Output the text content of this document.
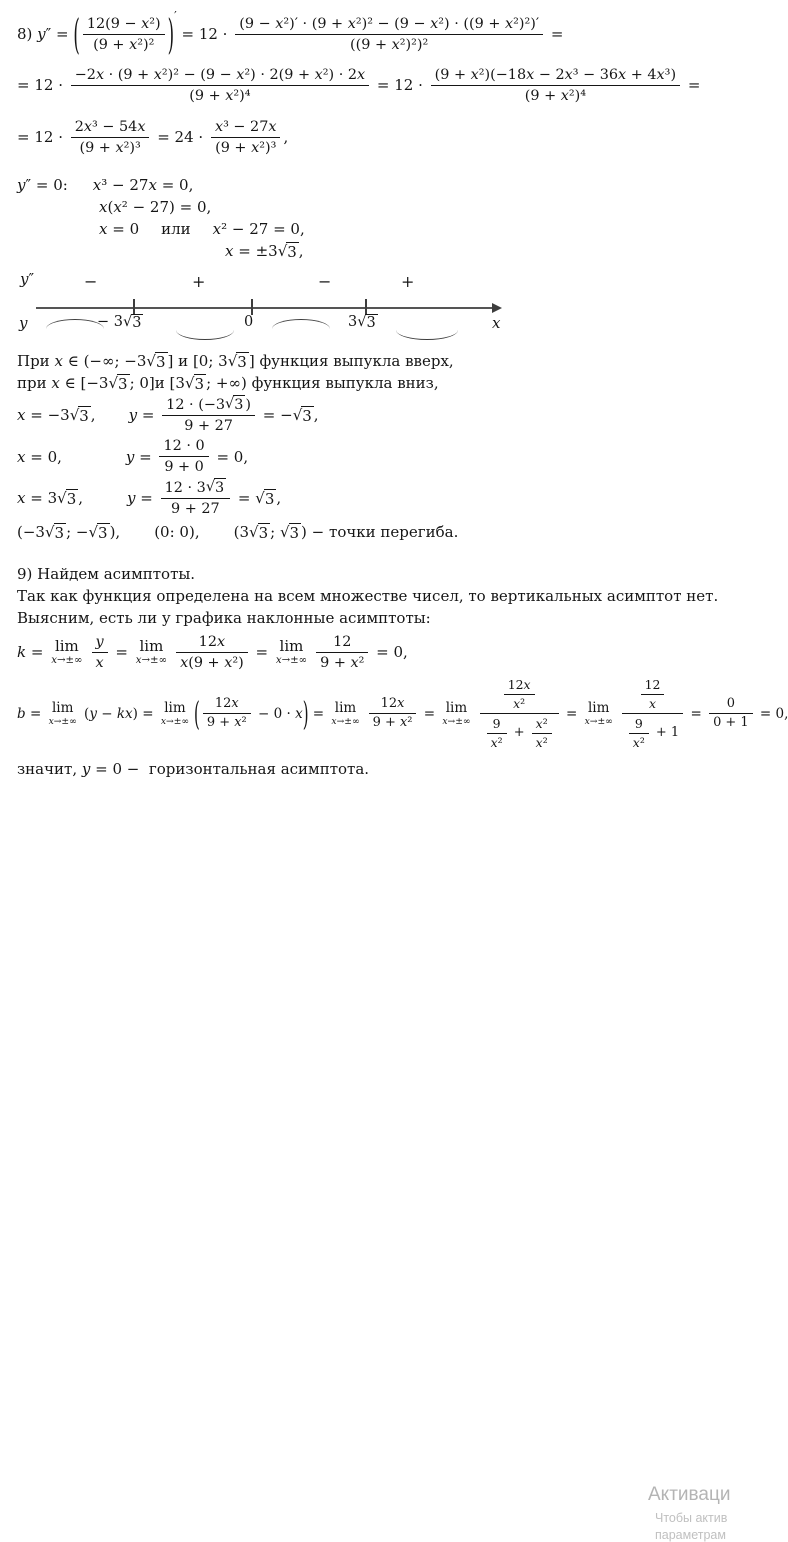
8) y″ = ( $\frac{\text{12(9 − x²)}}{\text{(9 + x²)²}}$ ) ′
= $12 \cdot \frac{\text{(9 − x²)′ · (9 + x²)² − (9 − x²) · ((9 + x²)²)′}}{\text{((9 + x²)²)²}}$ =
= $12 \cdot \frac{\text{−2x · (9 + x²)² − (9 − x²) · 2(9 + x²) · 2x}}{\text{(9 + x²)⁴}} = 12 \cdot \frac{\text{(9 + x²)(−18x − 2x³ − 36x + 4x³)}}{\text{(9 + x²)⁴}}$ =
= $12 \cdot \frac{\text{2x³ − 54x}}{\text{(9 + x²)³}} = 24 \cdot \frac{\text{x³ − 27x}}{\text{(9 + x²)³}}$ ,
y″ = 0: x³ − 27x = 0,
x(x² − 27) = 0,
x = 0 или x² − 27 = 0,
x = ±3 √ 3 ,
−	+	−	+
− 3 √ 3	0	3 √ 3
y″
y	x
При x ∈ (−∞; −3 √ 3 ] и [0; 3 √ 3 ] функция выпукла вверх,
при x ∈ [−3 √ 3 ; 0] и [3 √ 3 ; +∞) функция выпукла вниз,
x = −3 √ 3 , $y = \frac{12 \cdot (-3 √ 3 )}{9 + 27}$ = − √ 3 ,
x = 0,	$y = \frac{12 \cdot 0}{9 + 0} = 0$,
x = 3 √ 3 ,	$y = \frac{12 \cdot 3 √ 3}{9 + 27}$ = √ 3 ,
(−3 √ 3 ; − √ 3 ), (0: 0), (3 √ 3 ; √ 3 ) − точки перегиба.
9) Найдем асимптоты.
Так как функция определена на всем множестве чисел, то вертикальных асимптот нет.
Выясним, есть ли у графика наклонные асимптоты:
k = lim
$x\to\pm\infty \frac{y}{x} = \lim$
$x\to\pm\infty \frac{12x}{\text{x(9 + x²)}} = \lim$
$x\to\pm\infty \frac{12}{\text{9 + x²}} = 0$,
b = lim
x→±∞ (y − kx) = lim
x→±∞ ( $\frac{12x}{\text{9 + x²}} - 0 \cdot x$ ) = lim
$x\to\pm\infty \frac{12x}{\text{9 + x²}} = \lim$
$x\to\pm\infty \frac{\frac{12x}{\text{x²}}}{\frac{9}{\text{x²}} + \frac{\text{x²}}{\text{x²}}} = \lim$
$x\to\pm\infty \frac{\frac{12}{x}}{\frac{9}{\text{x²}} + 1} = \frac{0}{0 + 1} = 0$,
значит, y = 0 − горизонтальная асимптота.
Активаци
Чтобы актив
параметрам
